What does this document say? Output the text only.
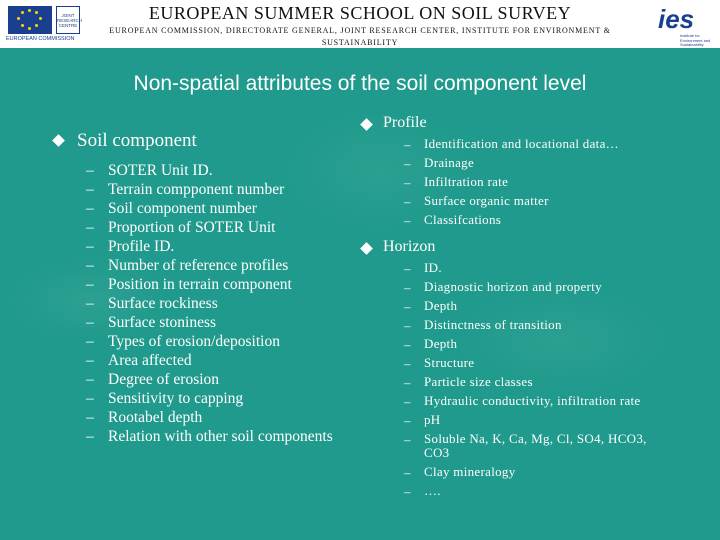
EUROPEAN COMMISSION
JOINT
RESEARCH
CENTRE
EUROPEAN SUMMER SCHOOL ON SOIL SURVEY
EUROPEAN COMMISSION, DIRECTORATE GENERAL, JOINT RESEARCH CENTER, INSTITUTE FOR ENVIRONMENT & SUSTAINABILITY
ies
Institute for Environment and Sustainability
Non-spatial attributes of the soil component level
Soil component
– SOTER Unit ID.
– Terrain compponent number
– Soil component number
– Proportion of SOTER Unit
– Profile ID.
– Number of reference profiles
– Position in terrain component
– Surface rockiness
– Surface stoniness
– Types of erosion/deposition
– Area affected
– Degree of erosion
– Sensitivity to capping
– Rootabel depth
– Relation with other soil components
Profile
– Identification and locational data…
– Drainage
– Infiltration rate
– Surface organic matter
– Classifcations
Horizon
– ID.
– Diagnostic horizon and property
– Depth
– Distinctness of transition
– Depth
– Structure
– Particle size classes
– Hydraulic conductivity, infiltration rate
– pH
– Soluble Na, K, Ca, Mg, Cl, SO4, HCO3, CO3
– Clay mineralogy
– ….
